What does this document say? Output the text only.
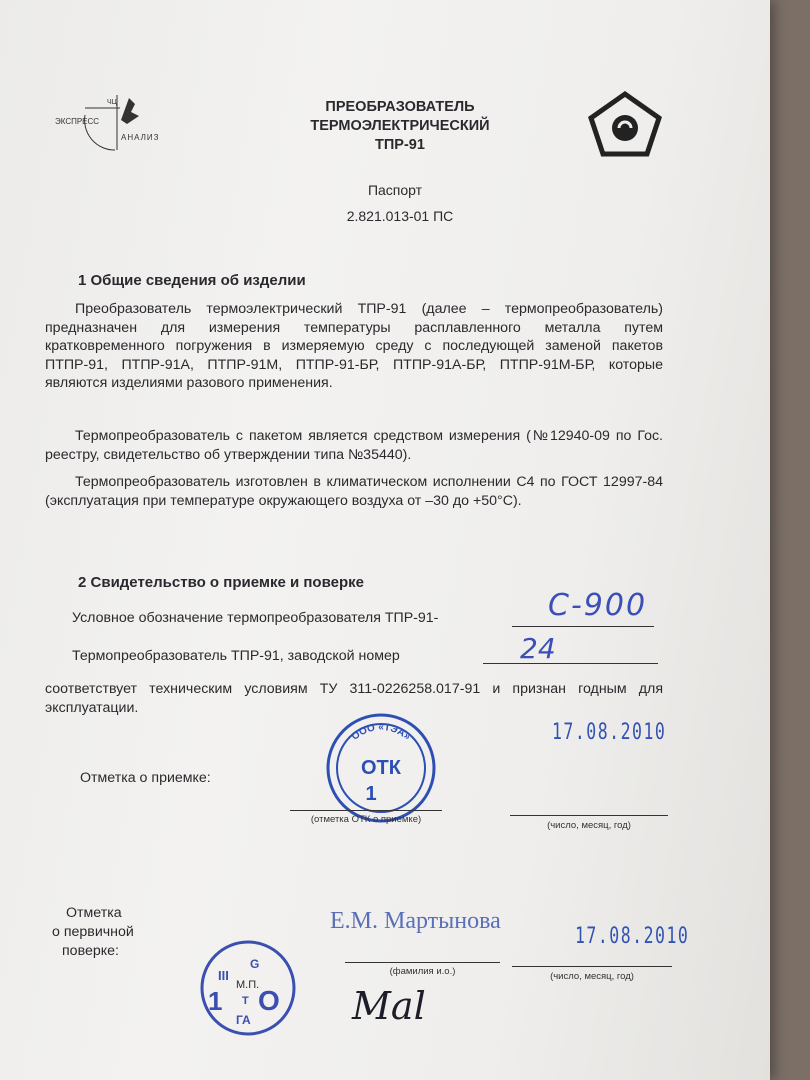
ЧЦ
ЭКСПРЕСС
АНАЛИЗ
ПРЕОБРАЗОВАТЕЛЬ
ТЕРМОЭЛЕКТРИЧЕСКИЙ
ТПР-91
Паспорт
2.821.013-01 ПС
1 Общие сведения об изделии
Преобразователь термоэлектрический ТПР-91 (далее – термопреобразователь) предназначен для измерения температуры расплавленного металла путем кратковременного погружения в измеряемую среду с последующей заменой пакетов ПТПР-91, ПТПР-91А, ПТПР-91М, ПТПР-91-БР, ПТПР-91А-БР, ПТПР-91М-БР, которые являются изделиями разового применения.
Термопреобразователь с пакетом является средством измерения (№12940-09 по Гос. реестру, свидетельство об утверждении типа №35440).
Термопреобразователь изготовлен в климатическом исполнении С4 по ГОСТ 12997-84 (эксплуатация при температуре окружающего воздуха от –30 до +50°С).
2 Свидетельство о приемке и поверке
Условное обозначение термопреобразователя ТПР-91-	С-900
Термопреобразователь ТПР-91, заводской номер	24
соответствует техническим условиям ТУ 311-0226258.017-91 и признан годным для эксплуатации.
17.08.2010
ООО «ТЭА»
ОТК
1
Отметка о приемке:
(отметка ОТК о приемке)
(число, месяц, год)
Отметка
о первичной
поверке:
Е.М. Мартынова
17.08.2010
(фамилия и.о.)	(число, месяц, год)
III
G
М.П.
1 O
Т
ГА	Mal
